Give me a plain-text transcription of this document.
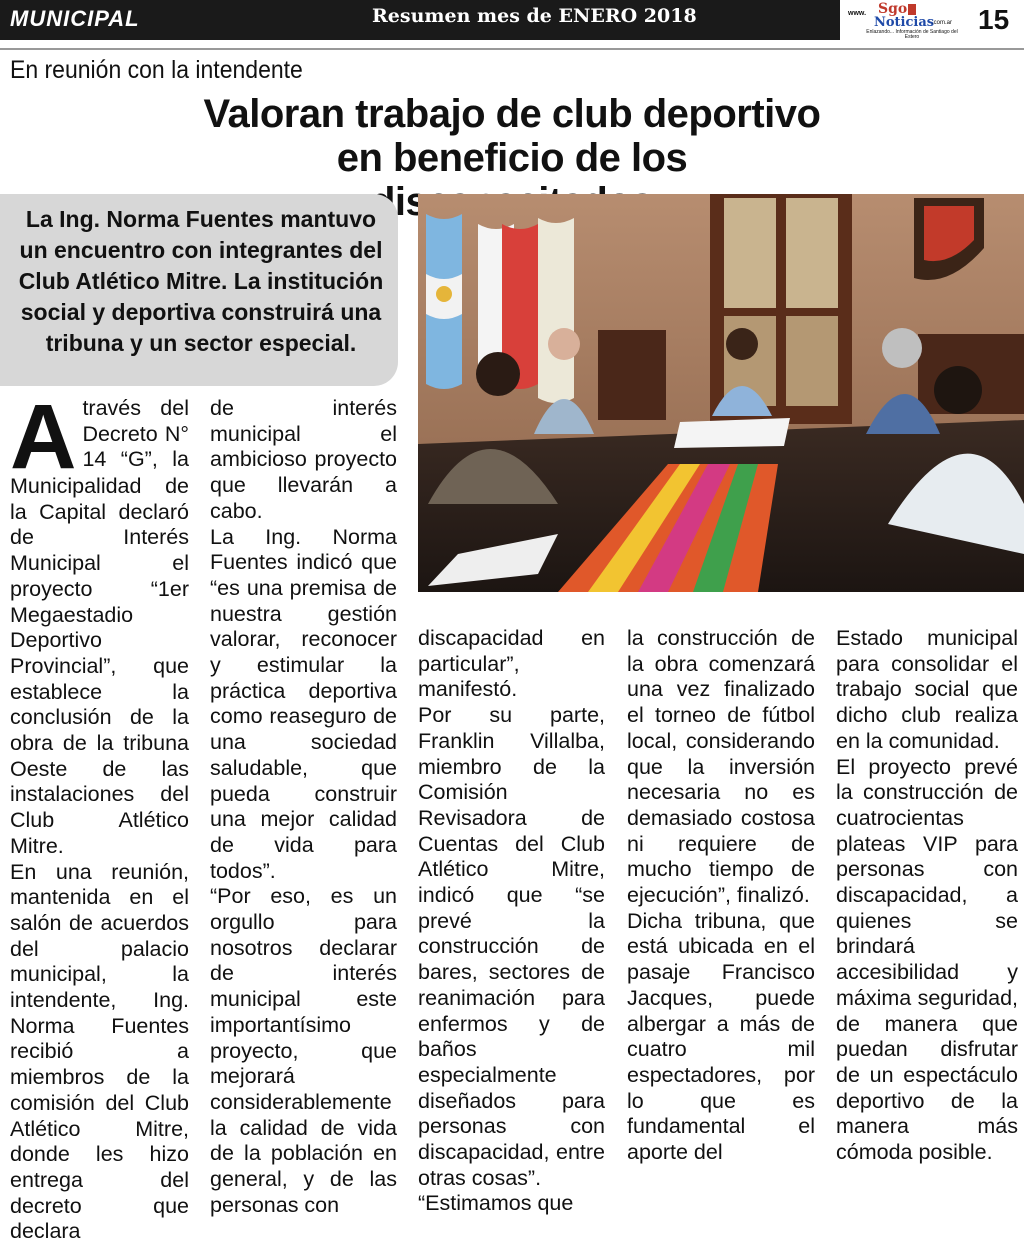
MUNICIPAL	Resumen mes de ENERO 2018	www. Sgo
Noticias
.com.ar
Enlazando... Información de Santiago del Estero
15
En reunión con la intendente
Valoran trabajo de club deportivo
en beneficio de los
La Ing. Norma Fuentes mantuvo un encuentro con integrantes del Club Atlético Mitre. La institución social y deportiva construirá una tribuna y un sector especial.

Através del Decreto N° 14 “G”, la Municipalidad de la Capital declaró de Interés Municipal el proyecto “1er Megaestadio Deportivo Provincial”, que establece la conclusión de la obra de la tribuna Oeste de las instalaciones del Club Atlético Mitre.

En una reunión, mantenida en el salón de acuerdos del palacio municipal, la intendente, Ing. Norma Fuentes recibió a miembros de la comisión del Club Atlético Mitre, donde les hizo entrega del decreto que declara

de interés municipal el ambicioso proyecto que llevarán a cabo.

La Ing. Norma Fuentes indicó que “es una premisa de nuestra gestión valorar, reconocer y estimular la práctica deportiva como reaseguro de una sociedad saludable, que pueda construir una mejor calidad de vida para todos”.

“Por eso, es un orgullo para nosotros declarar de interés municipal este importantísimo proyecto, que mejorará considerablemente la calidad de vida de la población en general, y de las personas con

discapacidad en particular”, manifestó.

Por su parte, Franklin Villalba, miembro de la Comisión Revisadora de Cuentas del Club Atlético Mitre, indicó que “se prevé la construcción de bares, sectores de reanimación para enfermos y de baños especialmente diseñados para personas con discapacidad, entre otras cosas”.

“Estimamos que

la construcción de la obra comenzará una vez finalizado el torneo de fútbol local, considerando que la inversión necesaria no es demasiado costosa ni requiere de mucho tiempo de ejecución”, finalizó.

Dicha tribuna, que está ubicada en el pasaje Francisco Jacques, puede albergar a más de cuatro mil espectadores, por lo que es fundamental el aporte del

Estado municipal para consolidar el trabajo social que dicho club realiza en la comunidad.

El proyecto prevé la construcción de cuatrocientas plateas VIP para personas con discapacidad, a quienes se brindará accesibilidad y máxima seguridad, de manera que puedan disfrutar de un espectáculo deportivo de la manera más cómoda posible.
